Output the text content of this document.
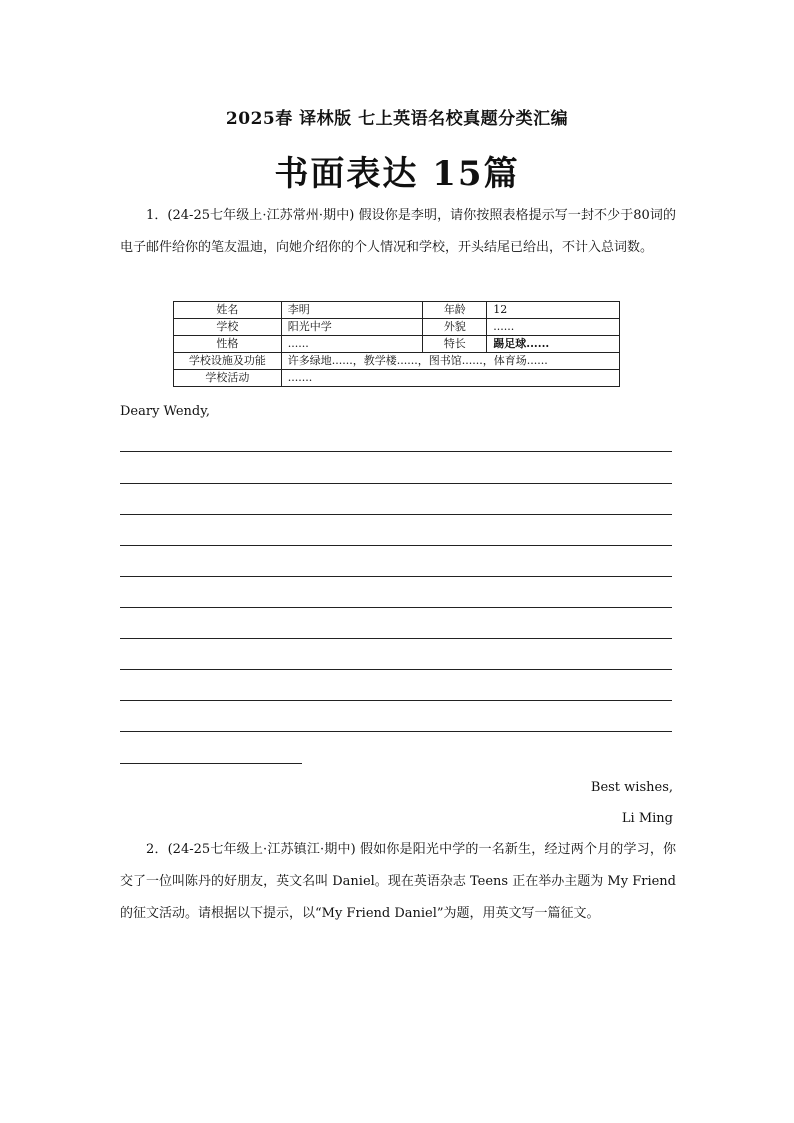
2025春 译林版 七上英语名校真题分类汇编
书面表达 15篇
1．(24-25七年级上·江苏常州·期中) 假设你是李明，请你按照表格提示写一封不少于80词的电子邮件给你的笔友温迪，向她介绍你的个人情况和学校，开头结尾已给出，不计入总词数。
姓名	李明	年龄	12
学校	阳光中学	外貌	......
性格	......	特长	踢足球......
学校设施及功能	许多绿地......，教学楼......，图书馆......，体育场......		
学校活动	.......		
Deary Wendy,
Best wishes,
Li Ming
2．(24-25七年级上·江苏镇江·期中) 假如你是阳光中学的一名新生，经过两个月的学习，你交了一位叫陈丹的好朋友，英文名叫 Daniel。现在英语杂志 Teens 正在举办主题为 My Friend 的征文活动。请根据以下提示，以“My Friend Daniel”为题，用英文写一篇征文。
